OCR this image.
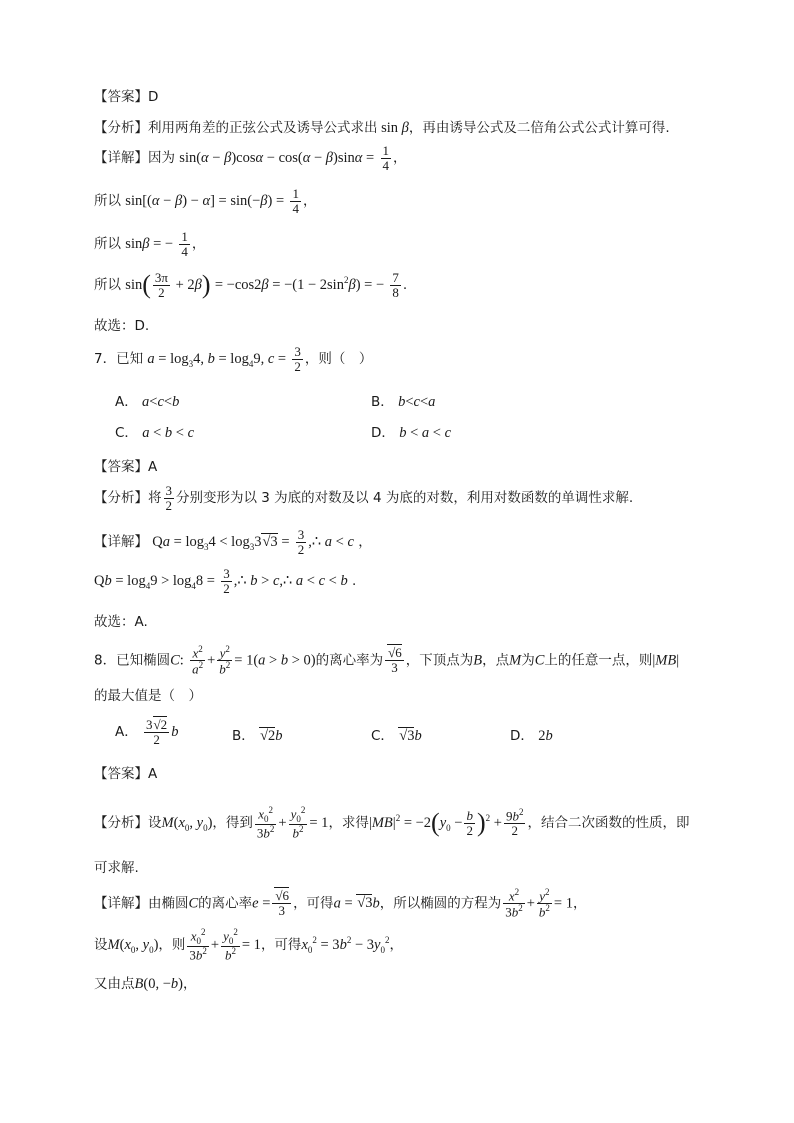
【答案】D
【分析】利用两角差的正弦公式及诱导公式求出 sin β，再由诱导公式及二倍角公式公式计算可得.
【详解】因为 $\sin(\alpha - \beta)\cos\alpha - \cos(\alpha - \beta)\sin\alpha = \frac{1}{4}$ ，
所以 $\sin[(\alpha - \beta) - \alpha] = \sin(-\beta) = \frac{1}{4}$ ，
所以 sinβ = − $\frac{1}{4}$ ，
所以 $\sin( \frac{3\pi}{2} + 2\beta) = -\cos 2\beta = -(1 - 2\sin^2\beta)$ = − $\frac{7}{8}$ .
故选：D.
7．已知 $a = \log_34$, $b = \log_49$, $c = \frac{3}{2}$ ，则（　）
A． a<c<b	B． b<c<a
C． a < b < c	D． b < a < c
【答案】A
【分析】将 $\frac{3}{2}$ 分别变形为以 3 为底的对数及以 4 为底的对数，利用对数函数的单调性求解.
【详解】 $Qa = \log_34 < \log_33√3 = \frac{3}{2}$ ,∴ a < c ，
$Qb = \log_49 > \log_48 = \frac{3}{2}$ ,∴ b > c,∴ a < c < b .
故选：A.
8．已知椭圆C: $\frac{x^2}{a^2} + \frac{y^2}{b^2} = 1(a > b > 0)$的离心率为 $\frac{√6}{3}$ ，下顶点为B，点M为C上的任意一点，则|MB|
的最大值是（　）
A． $\frac{3√2}{2}$ b	B． √2b	C． √3b	D． 2b
【答案】A
【分析】设$M(x_0$, $y_0$)，得到 $\frac{x_0^2}{3b^2} + \frac{y_0^2}{b^2} = 1$，求得$|MB|^2 = -2(y_0 - \frac{b}{2} )^2 + \frac{9b^2}{2}$ ，结合二次函数的性质，即
可求解.
【详解】由椭圆C的离心率$e = \frac{√6}{3}$ ，可得a = √3b，所以椭圆的方程为 $\frac{x^2}{3b^2} + \frac{y^2}{b^2} = 1$，
设$M(x_0$, $y_0$)，则 $\frac{x_0^2}{3b^2} + \frac{y_0^2}{b^2} = 1$，可得$x_0^2 = 3b^2 - 3y_0^2$，
又由点B(0, −b)，
